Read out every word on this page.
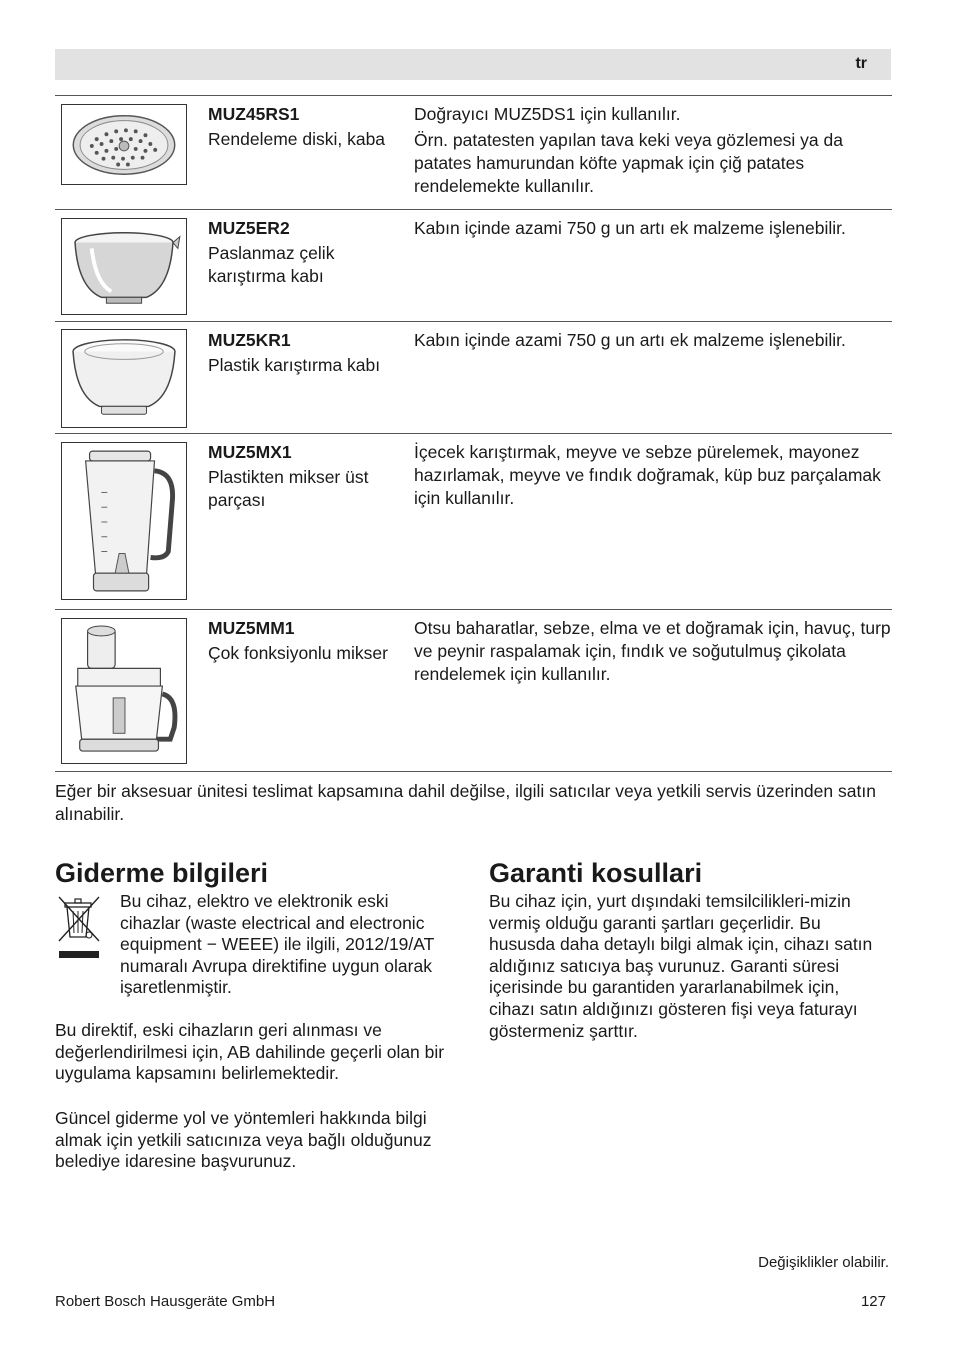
tr
MUZ45RS1
Rendeleme diski, kaba

Doğrayıcı MUZ5DS1 için kullanılır.

Örn. patatesten yapılan tava keki veya gözlemesi ya da patates hamurundan köfte yapmak için çiğ patates rendelemekte kullanılır.

MUZ5ER2
Paslanmaz çelik karıştırma kabı

Kabın içinde azami 750 g un artı ek malzeme işlenebilir.

MUZ5KR1
Plastik karıştırma kabı

Kabın içinde azami 750 g un artı ek malzeme işlenebilir.

MUZ5MX1
Plastikten mikser üst parçası

İçecek karıştırmak, meyve ve sebze pürelemek, mayonez hazırlamak, meyve ve fındık doğramak, küp buz parçalamak için kullanılır.

MUZ5MM1
Çok fonksiyonlu mikser

Otsu baharatlar, sebze, elma ve et doğramak için, havuç, turp ve peynir raspalamak için, fındık ve soğutulmuş çikolata rendelemek için kullanılır.

Eğer bir aksesuar ünitesi teslimat kapsamına dahil değilse, ilgili satıcılar veya yetkili servis üzerinden satın alınabilir.

Giderme bilgileri

Bu cihaz, elektro ve elektronik eski cihazlar (waste electrical and electronic equipment − WEEE) ile ilgili, 2012/19/AT numaralı Avrupa direktifine uygun olarak işaretlenmiştir.

Bu direktif, eski cihazların geri alınması ve değerlendirilmesi için, AB dahilinde geçerli olan bir uygulama kapsamını belirlemektedir.

Güncel giderme yol ve yöntemleri hakkında bilgi almak için yetkili satıcınıza veya bağlı olduğunuz belediye idaresine başvurunuz.

Garanti kosullari

Bu cihaz için, yurt dışındaki temsilcilikleri-mizin vermiş olduğu garanti şartları geçerlidir. Bu hususda daha detaylı bilgi almak için, cihazı satın aldığınız satıcıya baş vurunuz. Garanti süresi içerisinde bu garantiden yararlanabilmek için, cihazı satın aldığınızı gösteren fişi veya faturayı göstermeniz şarttır.

Değişiklikler olabilir.
Robert Bosch Hausgeräte GmbH	127
